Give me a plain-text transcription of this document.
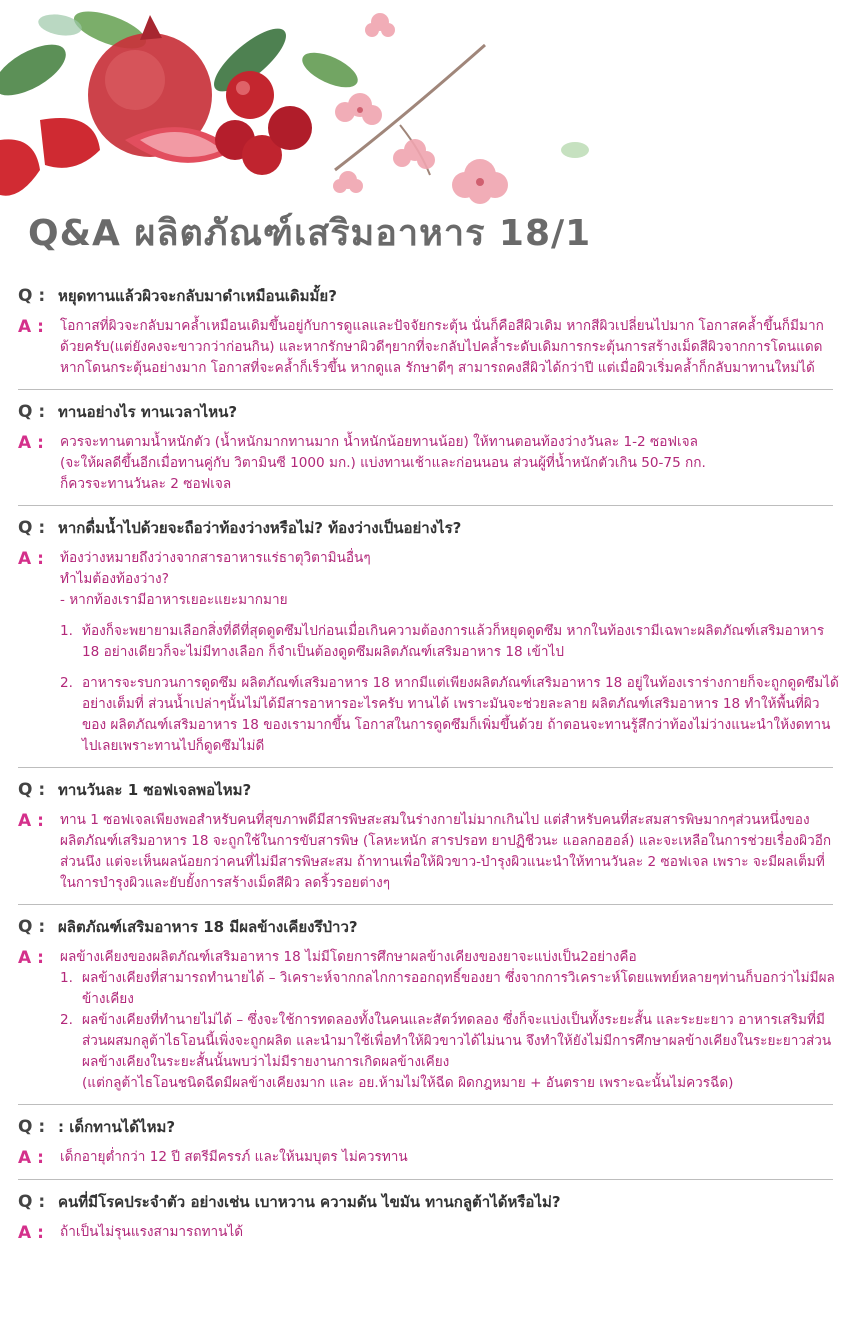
Q&A ผลิตภัณฑ์เสริมอาหาร 18/1
Q : หยุดทานแล้วผิวจะกลับมาดำเหมือนเดิมมั้ย?
A :	โอกาสที่ผิวจะกลับมาคล้ำเหมือนเดิมขึ้นอยู่กับการดูแลและปัจจัยกระตุ้น นั่นก็คือสีผิวเดิม หากสีผิวเปลี่ยนไปมาก โอกาสคล้ำขึ้นก็มีมากด้วยครับ(แต่ยังคงจะขาวกว่าก่อนกิน) และหากรักษาผิวดีๆยากที่จะกลับไปคล้ำระดับเดิมการกระตุ้นการสร้างเม็ดสีผิวจากการโดนแดดหากโดนกระตุ้นอย่างมาก โอกาสที่จะคล้ำก็เร็วขึ้น หากดูแล รักษาดีๆ สามารถคงสีผิวได้กว่าปี แต่เมื่อผิวเริ่มคล้ำก็กลับมาทานใหม่ได้
Q : ทานอย่างไร ทานเวลาไหน?
A :	ควรจะทานตามน้ำหนักตัว (น้ำหนักมากทานมาก น้ำหนักน้อยทานน้อย) ให้ทานตอนท้องว่างวันละ 1-2 ซอฟเจล
(จะให้ผลดีขึ้นอีกเมื่อทานคู่กับ วิตามินซี 1000 มก.) แบ่งทานเช้าและก่อนนอน ส่วนผู้ที่น้ำหนักตัวเกิน 50-75 กก.
ก็ควรจะทานวันละ 2 ซอฟเจล
Q : หากดื่มน้ำไปด้วยจะถือว่าท้องว่างหรือไม่? ท้องว่างเป็นอย่างไร?
A :	ท้องว่างหมายถึงว่างจากสารอาหารแร่ธาตุวิตามินอื่นๆ
ทำไมต้องท้องว่าง?
- หากท้องเรามีอาหารเยอะแยะมากมาย
1. ท้องก็จะพยายามเลือกสิ่งที่ดีที่สุดดูดซึมไปก่อนเมื่อเกินความต้องการแล้วก็หยุดดูดซึม หากในท้องเรามีเฉพาะผลิตภัณฑ์เสริมอาหาร 18 อย่างเดียวก็จะไม่มีทางเลือก ก็จำเป็นต้องดูดซึมผลิตภัณฑ์เสริมอาหาร 18 เข้าไป
2. อาหารจะรบกวนการดูดซึม ผลิตภัณฑ์เสริมอาหาร 18 หากมีแต่เพียงผลิตภัณฑ์เสริมอาหาร 18 อยู่ในท้องเราร่างกายก็จะถูกดูดซึมได้อย่างเต็มที่ ส่วนน้ำเปล่าๆนั้นไม่ได้มีสารอาหารอะไรครับ ทานได้ เพราะมันจะช่วยละลาย ผลิตภัณฑ์เสริมอาหาร 18 ทำให้พื้นที่ผิวของ ผลิตภัณฑ์เสริมอาหาร 18 ของเรามากขึ้น โอกาสในการดูดซึมก็เพิ่มขึ้นด้วย ถ้าตอนจะทานรู้สึกว่าท้องไม่ว่างแนะนำให้งดทานไปเลยเพราะทานไปก็ดูดซึมไม่ดี
Q : ทานวันละ 1 ซอฟเจลพอไหม?
A :	ทาน 1 ซอฟเจลเพียงพอสำหรับคนที่สุขภาพดีมีสารพิษสะสมในร่างกายไม่มากเกินไป แต่สำหรับคนที่สะสมสารพิษมากๆส่วนหนึ่งของผลิตภัณฑ์เสริมอาหาร 18 จะถูกใช้ในการขับสารพิษ (โลหะหนัก สารปรอท ยาปฏิชีวนะ แอลกอฮอล์) และจะเหลือในการช่วยเรื่องผิวอีกส่วนนึง แต่จะเห็นผลน้อยกว่าคนที่ไม่มีสารพิษสะสม ถ้าทานเพื่อให้ผิวขาว-บำรุงผิวแนะนำให้ทานวันละ 2 ซอฟเจล เพราะ จะมีผลเต็มที่ในการบำรุงผิวและยับยั้งการสร้างเม็ดสีผิว ลดริ้วรอยต่างๆ
Q : ผลิตภัณฑ์เสริมอาหาร 18 มีผลข้างเคียงรึป่าว?
A :	ผลข้างเคียงของผลิตภัณฑ์เสริมอาหาร 18 ไม่มีโดยการศึกษาผลข้างเคียงของยาจะแบ่งเป็น2อย่างคือ
1. ผลข้างเคียงที่สามารถทำนายได้ – วิเคราะห์จากกลไกการออกฤทธิ์ของยา ซึ่งจากการวิเคราะห์โดยแพทย์หลายๆท่านก็บอกว่าไม่มีผลข้างเคียง
2. ผลข้างเคียงที่ทำนายไม่ได้ – ซึ่งจะใช้การทดลองทั้งในคนและสัตว์ทดลอง ซึ่งก็จะแบ่งเป็นทั้งระยะสั้น และระยะยาว อาหารเสริมที่มีส่วนผสมกลูต้าไธโอนนี้เพิ่งจะถูกผลิต และนำมาใช้เพื่อทำให้ผิวขาวได้ไม่นาน จึงทำให้ยังไม่มีการศึกษาผลข้างเคียงในระยะยาวส่วนผลข้างเคียงในระยะสั้นนั้นพบว่าไม่มีรายงานการเกิดผลข้างเคียง
(แต่กลูต้าไธโอนชนิดฉีดมีผลข้างเคียงมาก และ อย.ห้ามไม่ให้ฉีด ผิดกฎหมาย + อันตราย เพราะฉะนั้นไม่ควรฉีด)
Q : : เด็กทานได้ไหม?
A :	เด็กอายุต่ำกว่า 12 ปี สตรีมีครรภ์ และให้นมบุตร ไม่ควรทาน
Q : คนที่มีโรคประจำตัว อย่างเช่น เบาหวาน ความดัน ไขมัน ทานกลูต้าได้หรือไม่?
A :	ถ้าเป็นไม่รุนแรงสามารถทานได้
